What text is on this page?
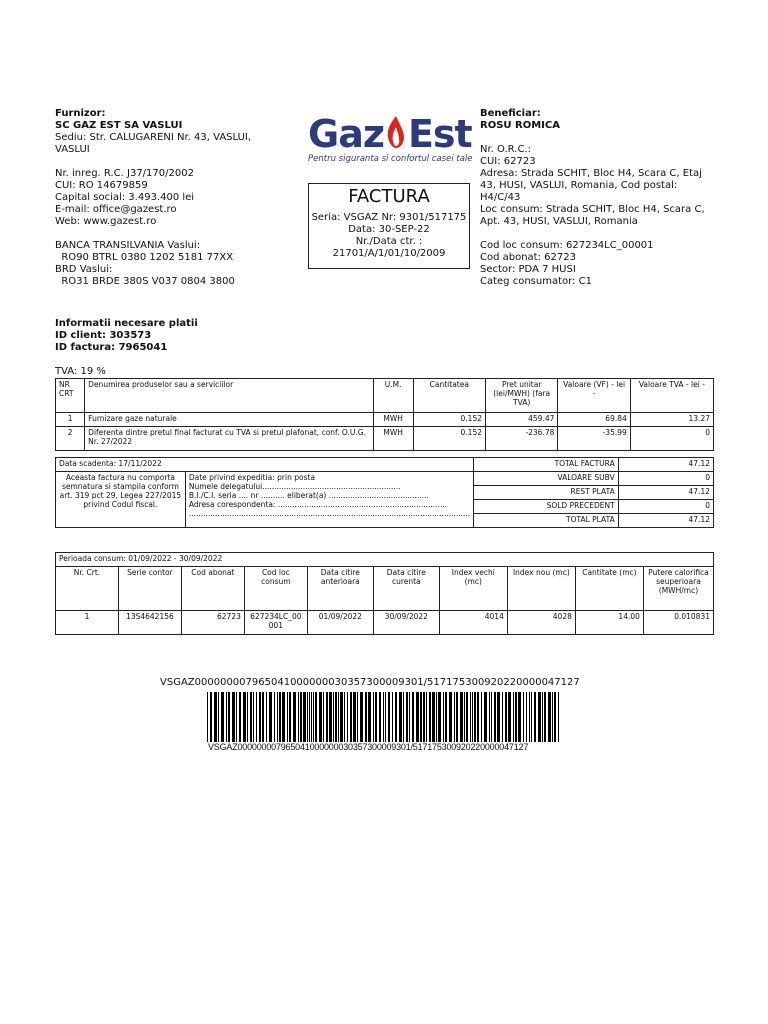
Furnizor:
SC GAZ EST SA VASLUI
Sediu: Str. CALUGARENI Nr. 43, VASLUI,
VASLUI
Nr. inreg. R.C. J37/170/2002
CUI: RO 14679859
Capital social: 3.493.400 lei
E-mail: office@gazest.ro
Web: www.gazest.ro
BANCA TRANSILVANIA Vaslui:
RO90 BTRL 0380 1202 5181 77XX
BRD Vaslui:
RO31 BRDE 380S V037 0804 3800
Gaz Est
Pentru siguranta si confortul casei tale
FACTURA
Seria: VSGAZ Nr: 9301/517175
Data: 30-SEP-22
Nr./Data ctr. :
21701/A/1/01/10/2009
Beneficiar:
ROSU ROMICA
Nr. O.R.C.:
CUI: 62723
Adresa: Strada SCHIT, Bloc H4, Scara C, Etaj
43, HUSI, VASLUI, Romania, Cod postal:
H4/C/43
Loc consum: Strada SCHIT, Bloc H4, Scara C,
Apt. 43, HUSI, VASLUI, Romania
Cod loc consum: 627234LC_00001
Cod abonat: 62723
Sector: PDA 7 HUSI
Categ consumator: C1
Informatii necesare platii
ID client: 303573
ID factura: 7965041
TVA: 19 %
NR CRT	Denumirea produselor sau a serviciilor	U.M.	Cantitatea	Pret unitar (lei/MWH) (fara TVA)	Valoare (VF) - lei -	Valoare TVA - lei -
1	Furnizare gaze naturale	MWH	0.152	459.47	69.84	13.27
2	Diferenta dintre pretul final facturat cu TVA si pretul plafonat, conf. O.U.G. Nr. 27/2022	MWH	0.152	-236.78	-35.99	0
Data scadenta: 17/11/2022		TOTAL FACTURA	47.12
Aceasta factura nu comporta semnatura si stampila conform art. 319 pct 29, Legea 227/2015 privind Codul fiscal.	Date privind expeditia: prin posta
Numele delegatului..........................................................
B.I./C.I. seria .... nr .......... eliberat(a) ..........................................
Adresa corespondenta: .......................................................................
......................................................................................................................	VALOARE SUBV	0
		REST PLATA	47.12
		SOLD PRECEDENT	0
		TOTAL PLATA	47.12
Perioada consum: 01/09/2022 - 30/09/2022									
Nr. Crt.	Serie contor	Cod abonat	Cod loc consum	Data citire anterioara	Data citire curenta	Index vechi (mc)	Index nou (mc)	Cantitate (mc)	Putere calorifica seuperioara (MWH/mc)
1	13S4642156	62723	627234LC_00001	01/09/2022	30/09/2022	4014	4028	14.00	0.010831
VSGAZ000000007965041000000030357300009301/517175300920220000047127
VSGAZ000000007965041000000030357300009301/517175300920220000047127
